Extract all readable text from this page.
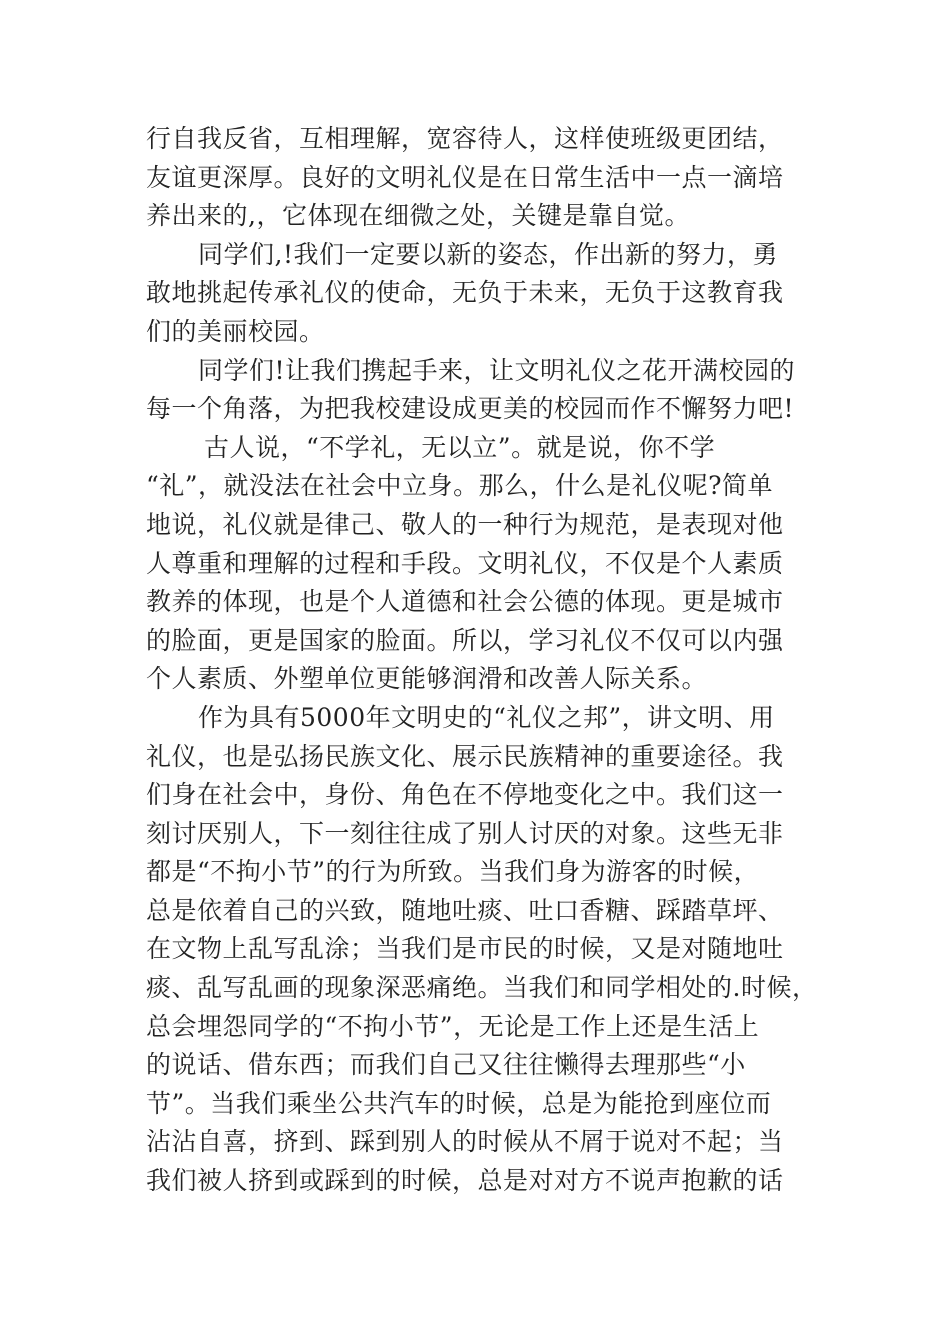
行自我反省，互相理解，宽容待人，这样使班级更团结，
友谊更深厚。良好的文明礼仪是在日常生活中一点一滴培
养出来的,，它体现在细微之处，关键是靠自觉。
同学们,!我们一定要以新的姿态，作出新的努力，勇
敢地挑起传承礼仪的使命，无负于未来，无负于这教育我
们的美丽校园。
同学们!让我们携起手来，让文明礼仪之花开满校园的
每一个角落，为把我校建设成更美的校园而作不懈努力吧!
古人说，“不学礼，无以立”。就是说，你不学
“礼”，就没法在社会中立身。那么，什么是礼仪呢?简单
地说，礼仪就是律己、敬人的一种行为规范，是表现对他
人尊重和理解的过程和手段。文明礼仪，不仅是个人素质
教养的体现，也是个人道德和社会公德的体现。更是城市
的脸面，更是国家的脸面。所以，学习礼仪不仅可以内强
个人素质、外塑单位更能够润滑和改善人际关系。
作为具有5000年文明史的“礼仪之邦”，讲文明、用
礼仪，也是弘扬民族文化、展示民族精神的重要途径。我
们身在社会中，身份、角色在不停地变化之中。我们这一
刻讨厌别人，下一刻往往成了别人讨厌的对象。这些无非
都是“不拘小节”的行为所致。当我们身为游客的时候，
总是依着自己的兴致，随地吐痰、吐口香糖、踩踏草坪、
在文物上乱写乱涂；当我们是市民的时候，又是对随地吐
痰、乱写乱画的现象深恶痛绝。当我们和同学相处的.时候，
总会埋怨同学的“不拘小节”，无论是工作上还是生活上
的说话、借东西；而我们自己又往往懒得去理那些“小
节”。当我们乘坐公共汽车的时候，总是为能抢到座位而
沾沾自喜，挤到、踩到别人的时候从不屑于说对不起；当
我们被人挤到或踩到的时候，总是对对方不说声抱歉的话
